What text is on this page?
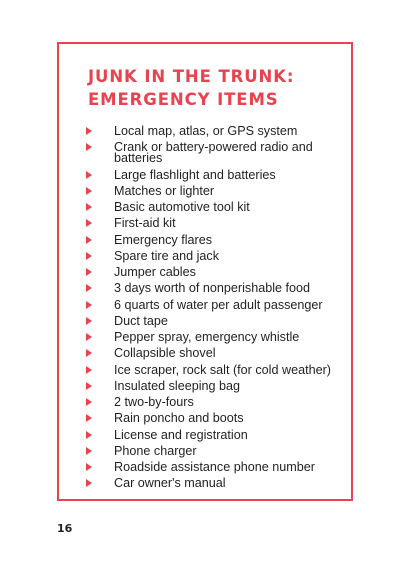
JUNK IN THE TRUNK:
EMERGENCY ITEMS
Local map, atlas, or GPS system
Crank or battery-powered radio and
batteries
Large flashlight and batteries
Matches or lighter
Basic automotive tool kit
First-aid kit
Emergency flares
Spare tire and jack
Jumper cables
3 days worth of nonperishable food
6 quarts of water per adult passenger
Duct tape
Pepper spray, emergency whistle
Collapsible shovel
Ice scraper, rock salt (for cold weather)
Insulated sleeping bag
2 two-by-fours
Rain poncho and boots
License and registration
Phone charger
Roadside assistance phone number
Car owner's manual
16
